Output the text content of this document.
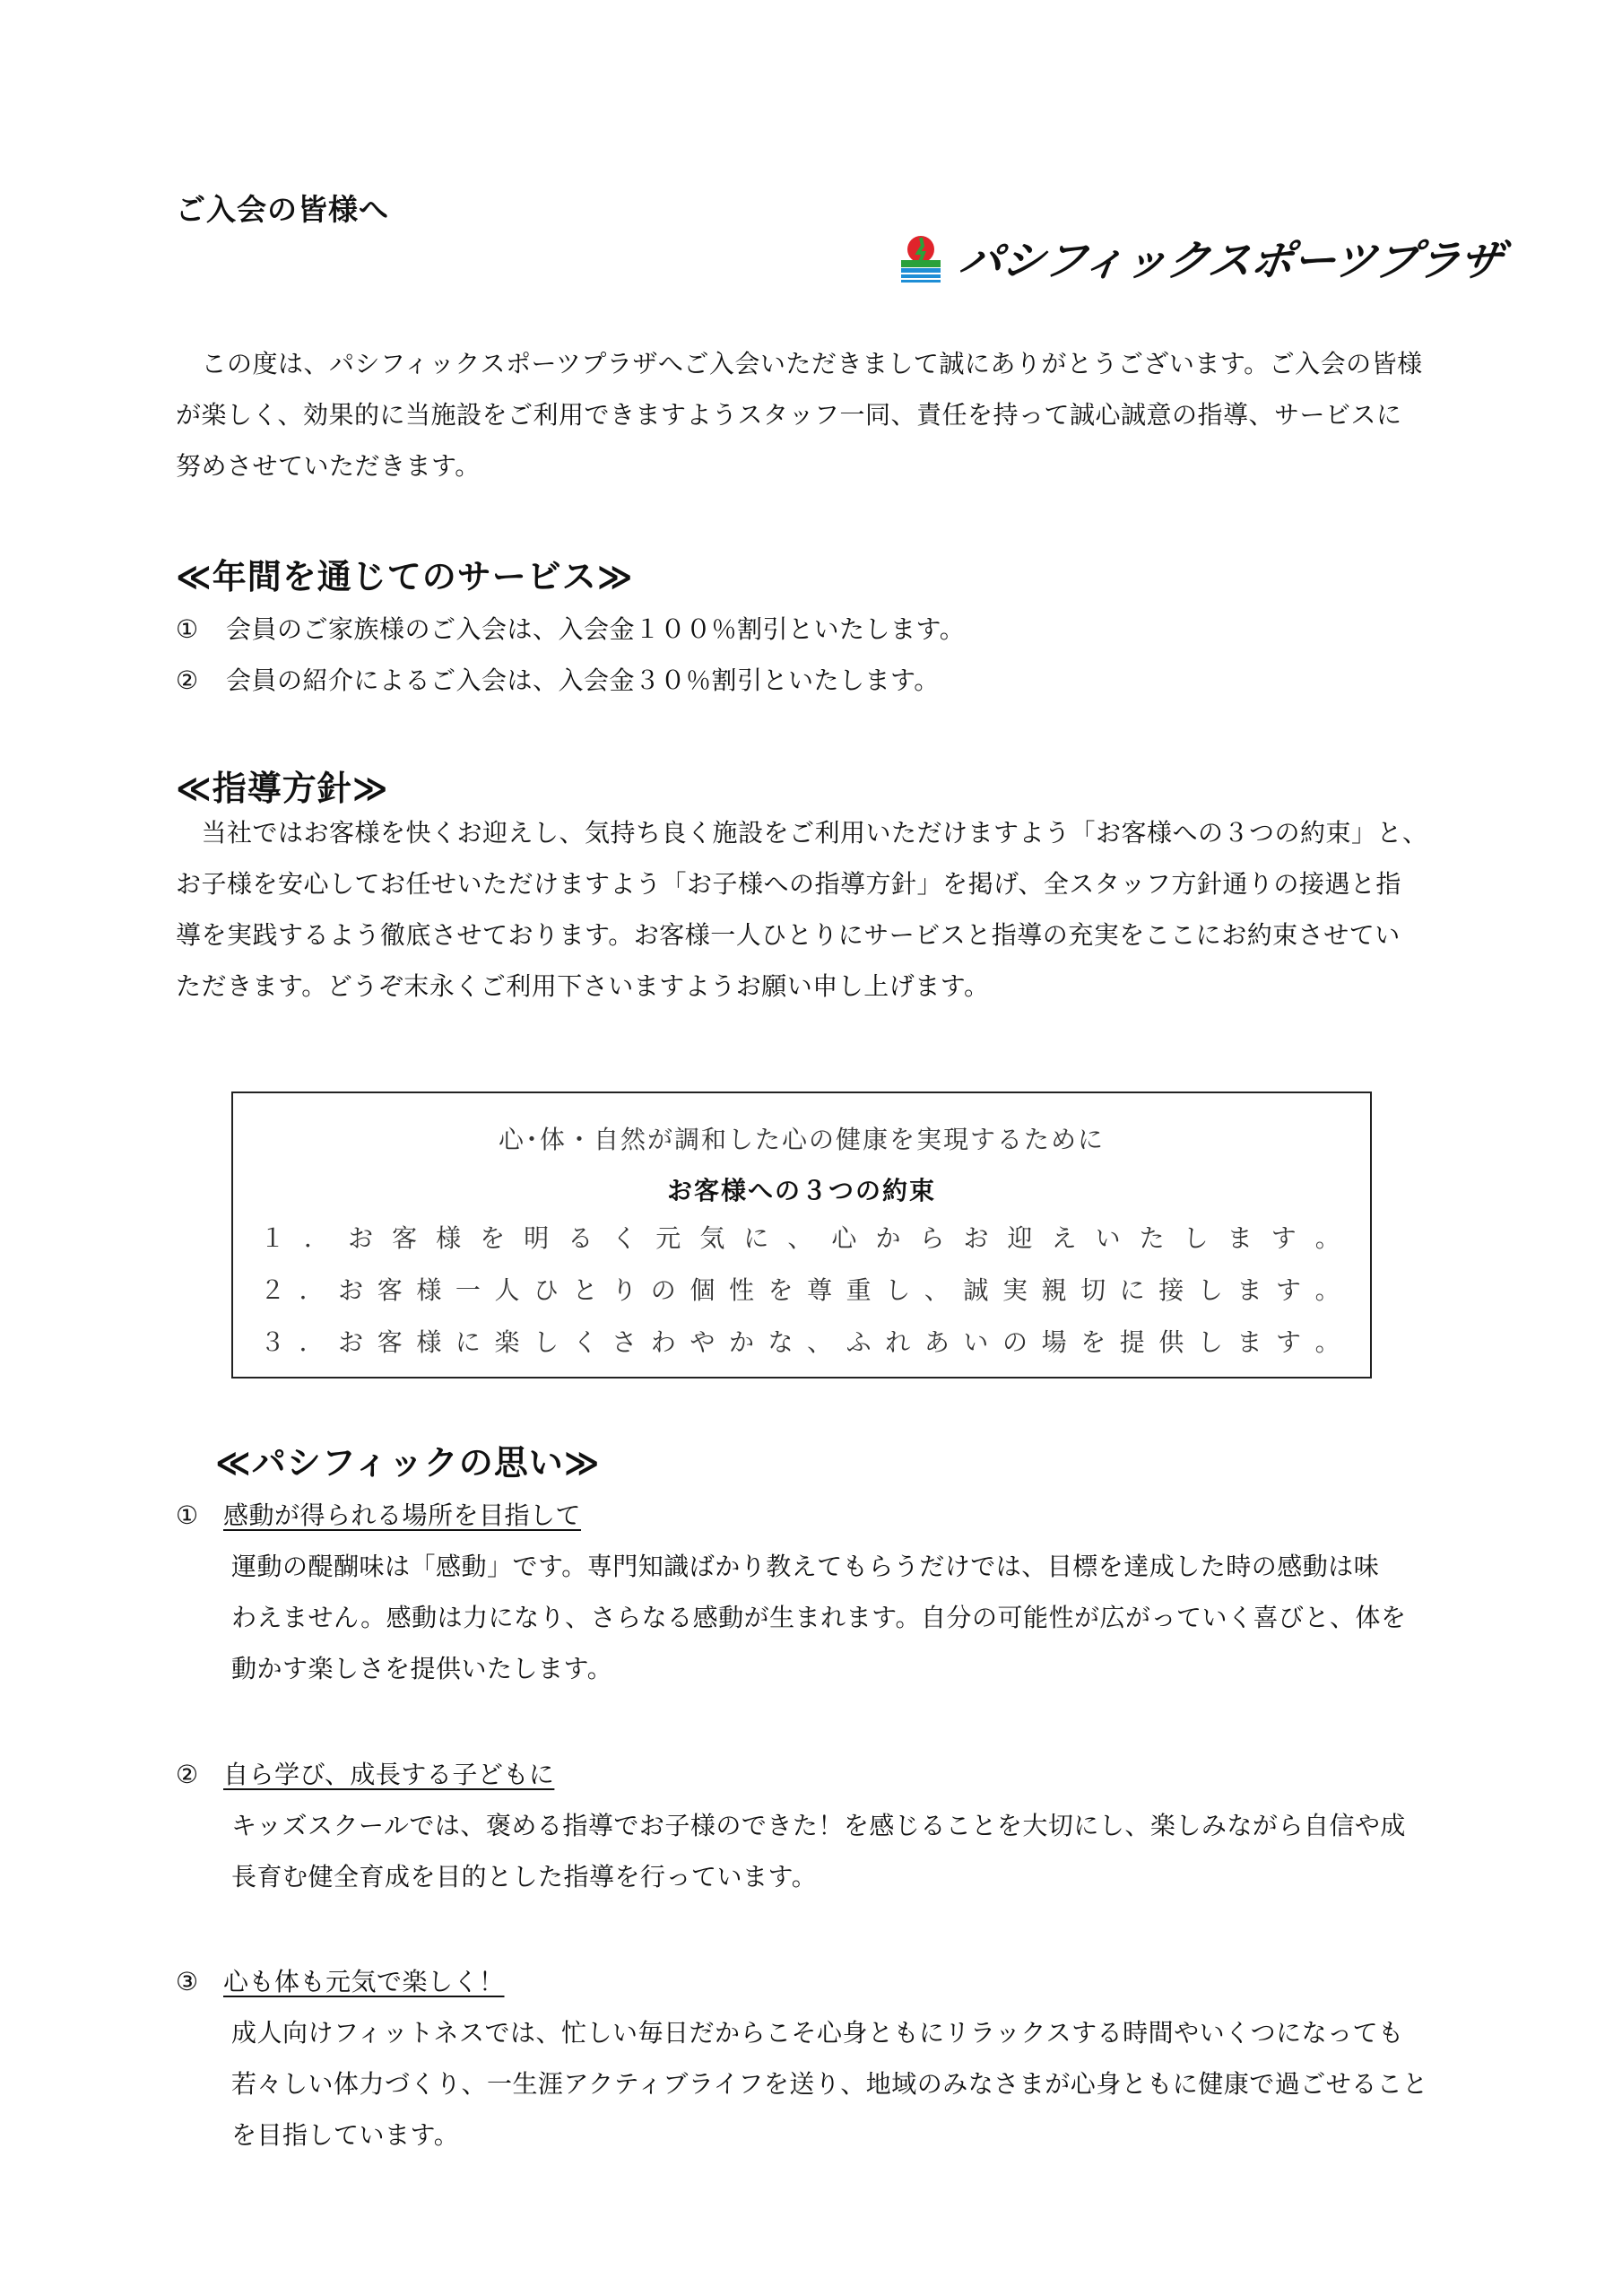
ご入会の皆様へ
パシフィックスポーツプラザ
　この度は、パシフィックスポーツプラザへご入会いただきまして誠にありがとうございます。ご入会の皆様
が楽しく、効果的に当施設をご利用できますようスタッフ一同、責任を持って誠心誠意の指導、サービスに
努めさせていただきます。
≪年間を通じてのサービス≫
① 会員のご家族様のご入会は、入会金１００％割引といたします。
② 会員の紹介によるご入会は、入会金３０％割引といたします。
≪指導方針≫
　当社ではお客様を快くお迎えし、気持ち良く施設をご利用いただけますよう「お客様への３つの約束」と、
お子様を安心してお任せいただけますよう「お子様への指導方針」を掲げ、全スタッフ方針通りの接遇と指
導を実践するよう徹底させております。お客様一人ひとりにサービスと指導の充実をここにお約束させてい
ただきます。どうぞ末永くご利用下さいますようお願い申し上げます。
心･体・自然が調和した心の健康を実現するために
お客様への３つの約束
１ ． お 客 様 を 明 る く 元 気 に 、 心 か ら お 迎 え い た し ま す 。
２ ． お 客 様 一 人 ひ と り の 個 性 を 尊 重 し 、 誠 実 親 切 に 接 し ま す 。
３ ． お 客 様 に 楽 し く さ わ や か な 、 ふ れ あ い の 場 を 提 供 し ま す 。
≪パシフィックの思い≫
① 感動が得られる場所を目指して
運動の醍醐味は「感動」です。専門知識ばかり教えてもらうだけでは、目標を達成した時の感動は味
わえません。感動は力になり、さらなる感動が生まれます。自分の可能性が広がっていく喜びと、体を
動かす楽しさを提供いたします。
② 自ら学び、成長する子どもに
キッズスクールでは、褒める指導でお子様のできた！を感じることを大切にし、楽しみながら自信や成
長育む健全育成を目的とした指導を行っています。
③ 心も体も元気で楽しく！
成人向けフィットネスでは、忙しい毎日だからこそ心身ともにリラックスする時間やいくつになっても
若々しい体力づくり、一生涯アクティブライフを送り、地域のみなさまが心身ともに健康で過ごせること
を目指しています。
